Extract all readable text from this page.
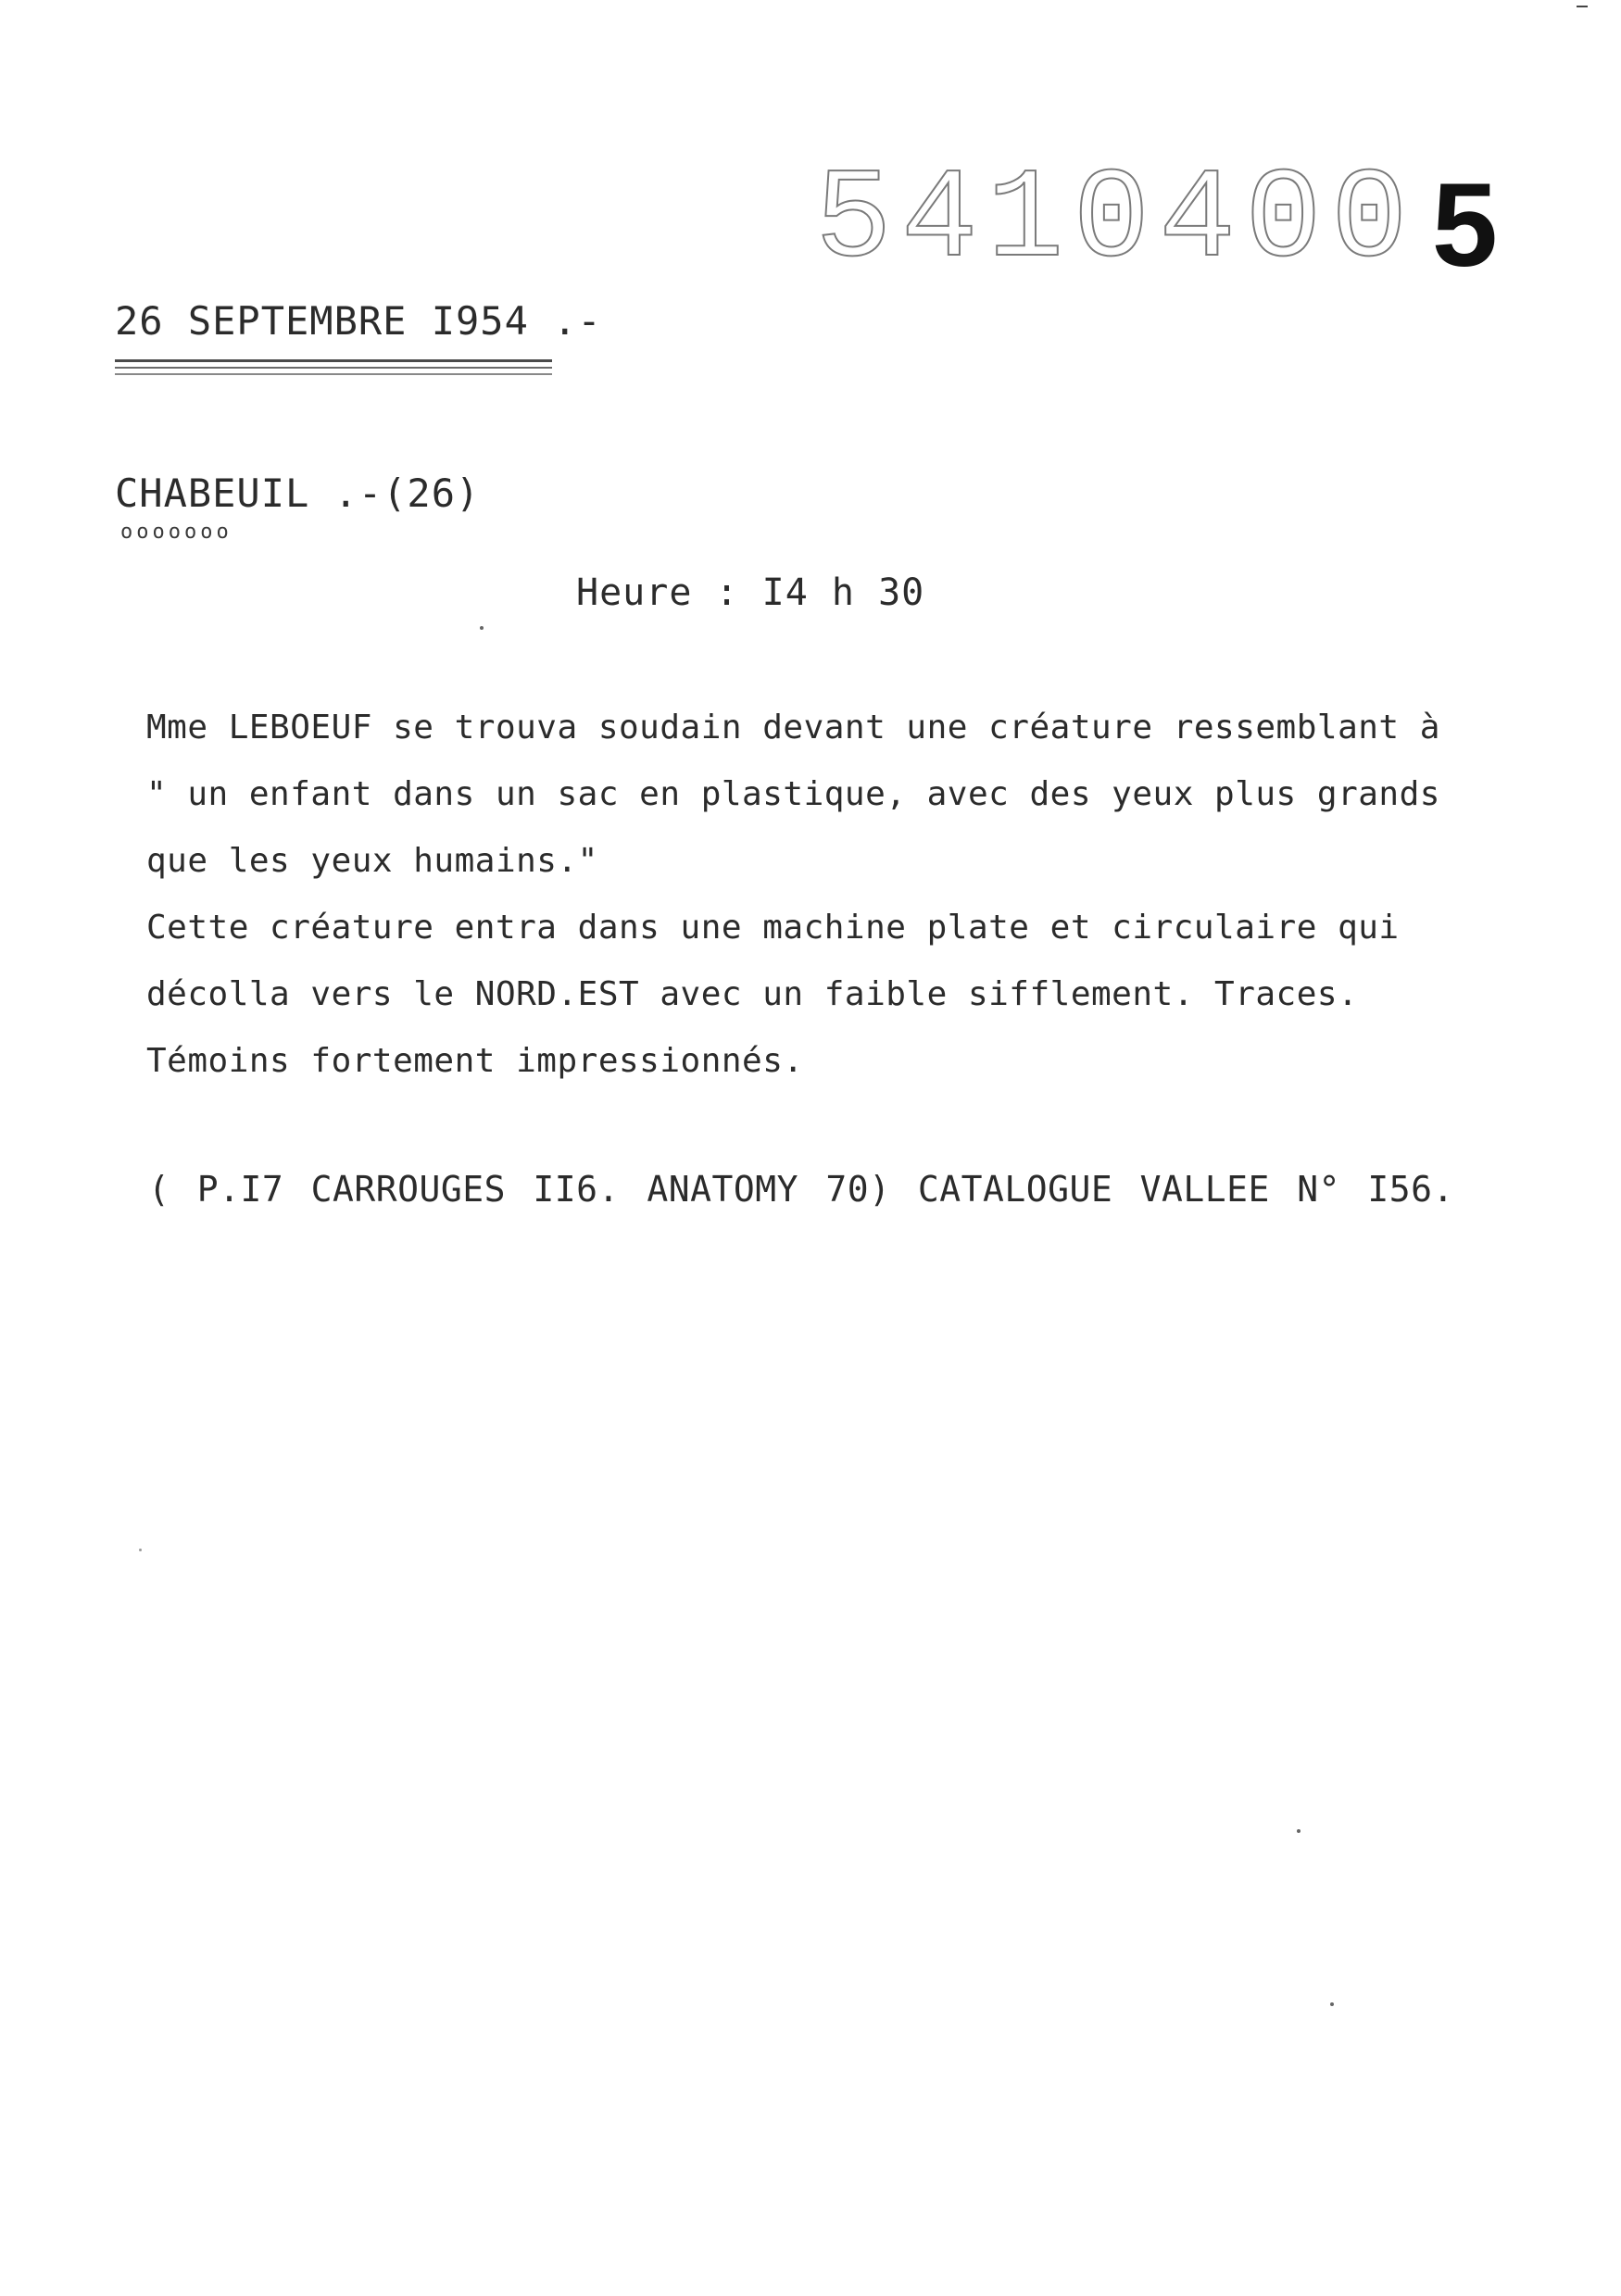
5410400 5
26 SEPTEMBRE I954 .-
CHABEUIL .-(26)
ooooooo
Heure : I4 h 30
Mme LEBOEUF se trouva soudain devant une créature ressemblant à
" un enfant dans un sac en plastique, avec des yeux plus grands
que les yeux humains."
Cette créature entra dans une machine plate et circulaire qui
décolla vers le NORD.EST avec un faible sifflement. Traces.
Témoins fortement impressionnés.
( P.I7 CARROUGES II6. ANATOMY 70) CATALOGUE VALLEE N° I56.
